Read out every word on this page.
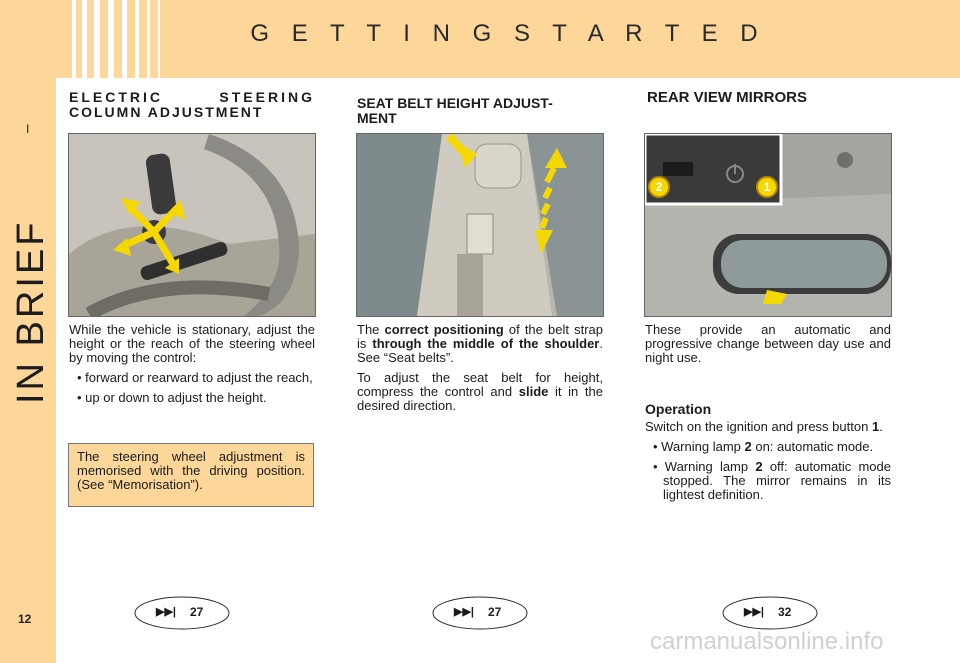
G E T T I N G S T A R T E D
I
IN BRIEF
12
ELECTRIC STEERING
COLUMN ADJUSTMENT

While the vehicle is stationary, adjust the height or the reach of the steering wheel by moving the control:

• forward or rearward to adjust the reach,

• up or down to adjust the height.

The steering wheel adjustment is memorised with the driving position. (See “Memorisation”).
SEAT BELT HEIGHT ADJUST-
MENT

The correct positioning of the belt strap is through the middle of the shoulder. See “Seat belts”.

To adjust the seat belt for height, compress the control and slide it in the desired direction.

REAR VIEW MIRRORS
2	1
These provide an automatic and progressive change between day use and night use.
Operation

Switch on the ignition and press button 1.

• Warning lamp 2 on: automatic mode.

• Warning lamp 2 off: automatic mode stopped. The mirror remains in its lightest definition.

▶▶| 27	▶▶| 27	▶▶| 32
carmanualsonline.info
